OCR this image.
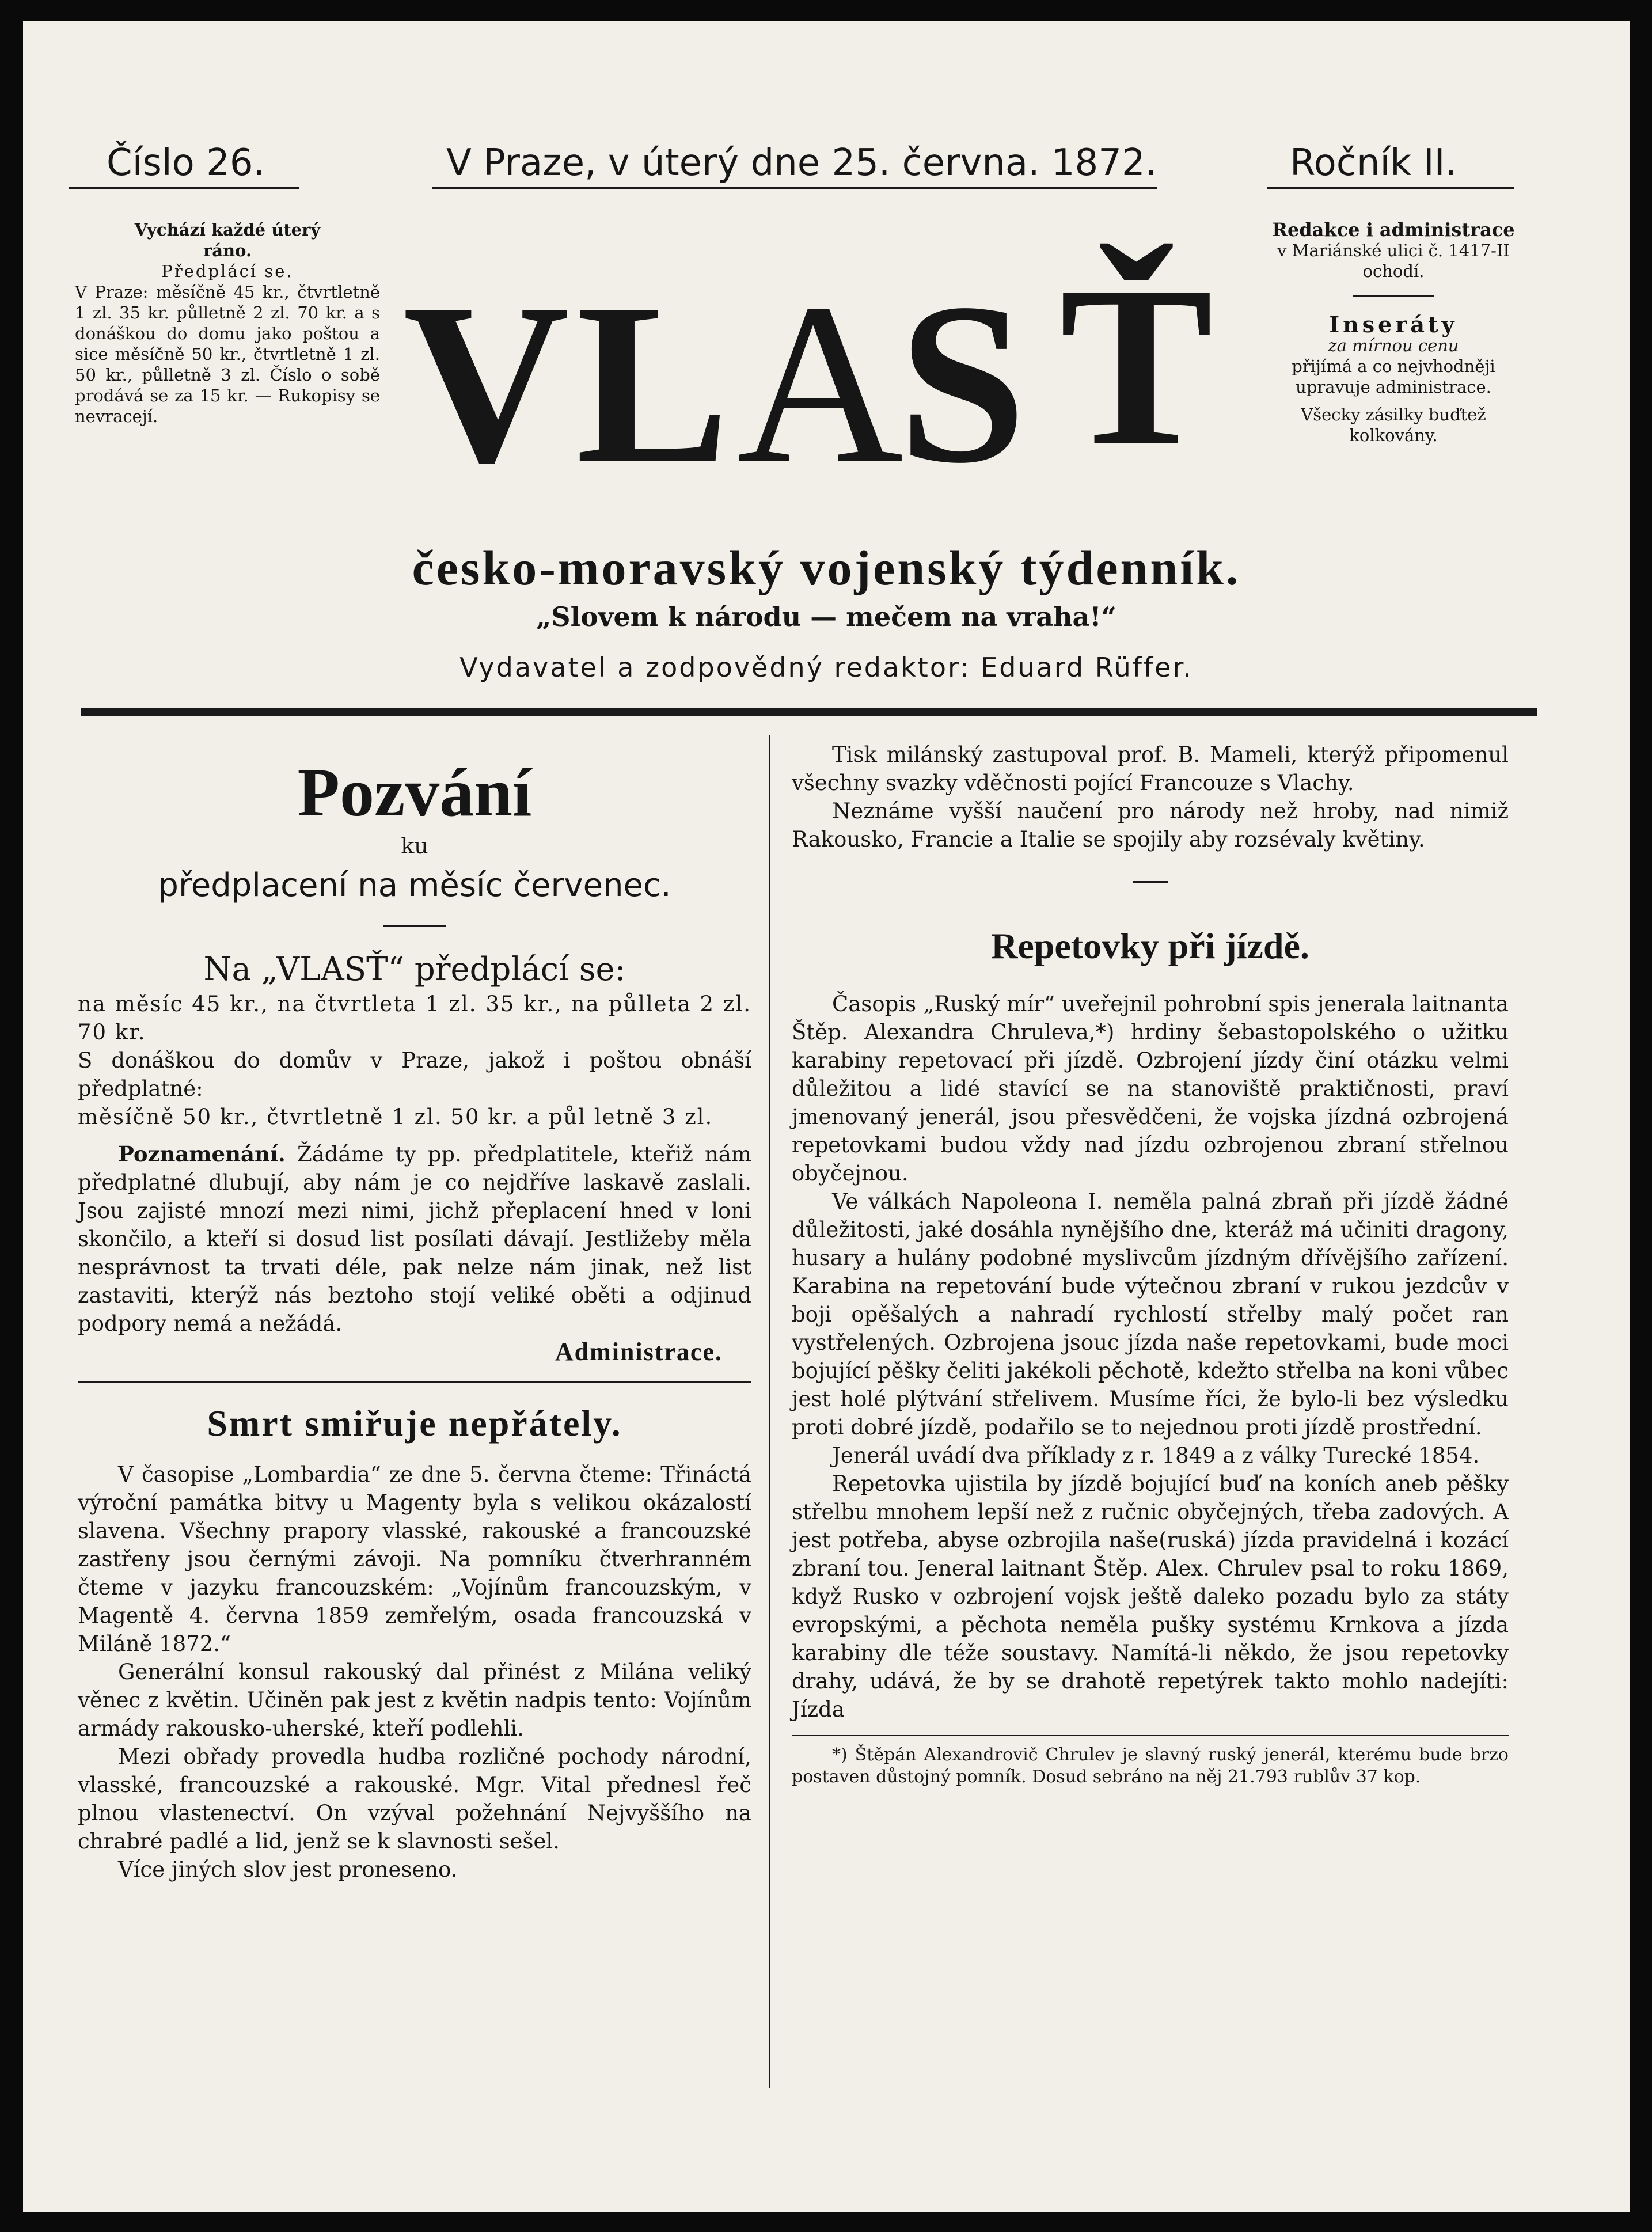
Číslo 26.	V Praze, v úterý dne 25. června. 1872.	Ročník II.

Vychází každé úterý

ráno.

Předplácí se.

V Praze: měsíčně 45 kr., čtvrtletně 1 zl. 35 kr. půlletně 2 zl. 70 kr. a s donáškou do domu jako poštou a sice měsíčně 50 kr., čtvrtletně 1 zl. 50 kr., půlletně 3 zl. Číslo o sobě prodává se za 15 kr. — Rukopisy se nevracejí.	V L A
S Ť

Redakce i administrace

v Mariánské ulici č. 1417-II

ochodí.

Inseráty

za mírnou cenu

přijímá a co nejvhodněji

upravuje administrace.

Všecky zásilky buďtež

kolkovány.

česko-moravský vojenský týdenník.
„Slovem k národu — mečem na vraha!“
Vydavatel a zodpovědný redaktor: Eduard Rüffer.
Pozvání
ku
předplacení na měsíc červenec.
Na „VLASŤ“ předplácí se:

na měsíc 45 kr., na čtvrtleta 1 zl. 35 kr., na půlleta 2 zl. 70 kr.

S donáškou do domův v Praze, jakož i poštou obnáší předplatné:

měsíčně 50 kr., čtvrtletně 1 zl. 50 kr. a půl letně 3 zl.

Poznamenání. Žádáme ty pp. předplatitele, kteřiž nám předplatné dlubují, aby nám je co nejdříve laskavě zaslali. Jsou zajisté mnozí mezi nimi, jichž přeplacení hned v loni skončilo, a kteří si dosud list posílati dávají. Jestližeby měla nesprávnost ta trvati déle, pak nelze nám jinak, než list zastaviti, kterýž nás beztoho stojí veliké oběti a odjinud podpory nemá a nežádá.

Administrace.

Smrt smiřuje nepřátely.

V časopise „Lombardia“ ze dne 5. června čteme: Třináctá výroční památka bitvy u Magenty byla s velikou okázalostí slavena. Všechny prapory vlasské, rakouské a francouzské zastřeny jsou černými závoji. Na pomníku čtverhranném čteme v jazyku francouzském: „Vojínům francouzským, v Magentě 4. června 1859 zemřelým, osada francouzská v Miláně 1872.“

Generální konsul rakouský dal přinést z Milána veliký věnec z květin. Učiněn pak jest z květin nadpis tento: Vojínům armády rakousko-uherské, kteří podlehli.

Mezi obřady provedla hudba rozličné pochody národní, vlasské, francouzské a rakouské. Mgr. Vital přednesl řeč plnou vlastenectví. On vzýval požehnání Nejvyššího na chrabré padlé a lid, jenž se k slavnosti sešel.

Více jiných slov jest proneseno.

Tisk milánský zastupoval prof. B. Mameli, kterýž připomenul všechny svazky vděčnosti pojící Francouze s Vlachy.

Neznáme vyšší naučení pro národy než hroby, nad nimiž Rakousko, Francie a Italie se spojily aby rozsévaly květiny.

Repetovky při jízdě.

Časopis „Ruský mír“ uveřejnil pohrobní spis jenerala laitnanta Štěp. Alexandra Chruleva,*) hrdiny šebastopolského o užitku karabiny repetovací při jízdě. Ozbrojení jízdy činí otázku velmi důležitou a lidé stavící se na stanoviště praktičnosti, praví jmenovaný jenerál, jsou přesvědčeni, že vojska jízdná ozbrojená repetovkami budou vždy nad jízdu ozbrojenou zbraní střelnou obyčejnou.

Ve válkách Napoleona I. neměla palná zbraň při jízdě žádné důležitosti, jaké dosáhla nynějšího dne, kteráž má učiniti dragony, husary a hulány podobné myslivcům jízdným dřívějšího zařízení. Karabina na repetování bude výtečnou zbraní v rukou jezdcův v boji opěšalých a nahradí rychlostí střelby malý počet ran vystřelených. Ozbrojena jsouc jízda naše repetovkami, bude moci bojující pěšky čeliti jakékoli pěchotě, kdežto střelba na koni vůbec jest holé plýtvání střelivem. Musíme říci, že bylo-li bez výsledku proti dobré jízdě, podařilo se to nejednou proti jízdě prostřední.

Jenerál uvádí dva příklady z r. 1849 a z války Turecké 1854.

Repetovka ujistila by jízdě bojující buď na koních aneb pěšky střelbu mnohem lepší než z ručnic obyčejných, třeba zadových. A jest potřeba, abyse ozbrojila naše(ruská) jízda pravidelná i kozácí zbraní tou. Jeneral laitnant Štěp. Alex. Chrulev psal to roku 1869, když Rusko v ozbrojení vojsk ještě daleko pozadu bylo za státy evropskými, a pěchota neměla pušky systému Krnkova a jízda karabiny dle téže soustavy. Namítá-li někdo, že jsou repetovky drahy, udává, že by se drahotě repetýrek takto mohlo nadejíti: Jízda

*) Štěpán Alexandrovič Chrulev je slavný ruský jenerál, kterému bude brzo postaven důstojný pomník. Dosud sebráno na něj 21.793 rublův 37 kop.
